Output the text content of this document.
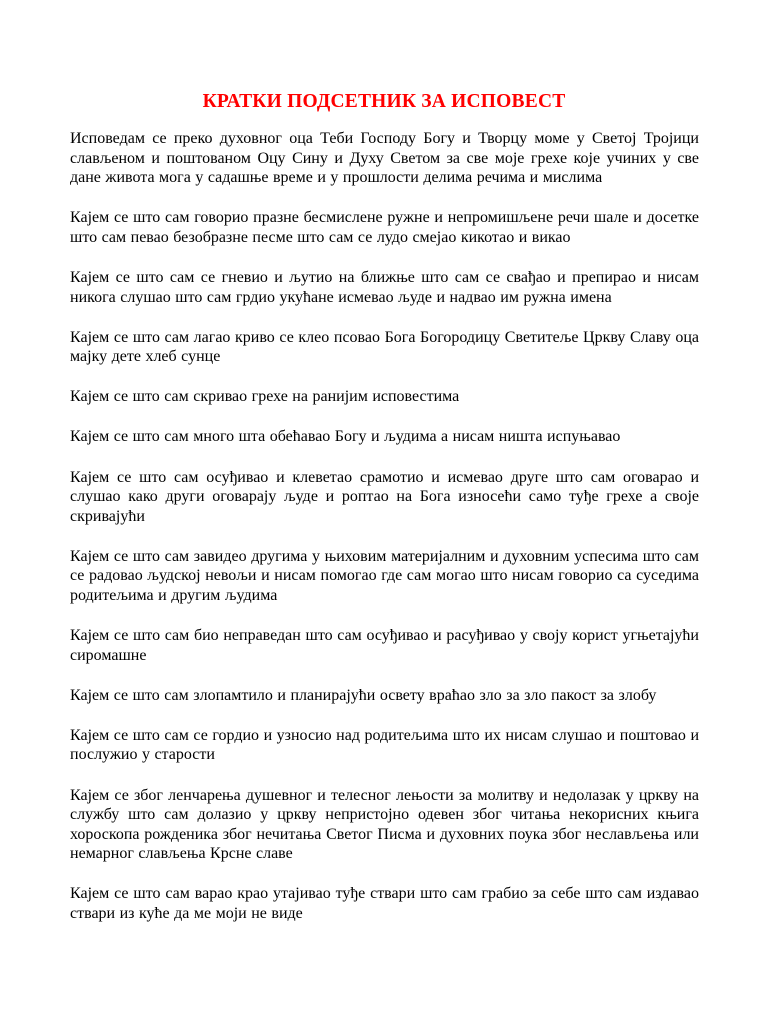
КРАТКИ ПОДСЕТНИК ЗА ИСПОВЕСТ

Исповедам се преко духовног оца Теби Господу Богу и Творцу моме у Светој Тројици слављеном и поштованом Оцу Сину и Духу Светом за све моје грехе које учиних у све дане живота мога у садашње време и у прошлости делима речима и мислима

Кајем се што сам говорио празне бесмислене ружне и непромишљене речи шале и досетке што сам певао безобразне песме што сам се лудо смејао кикотао и викао

Кајем се што сам се гневио и љутио на ближње што сам се свађао и препирао и нисам никога слушао што сам грдио укућане исмевао људе и надвао им ружна имена

Кајем се што сам лагао криво се клео псовао Бога Богородицу Светитеље Цркву Славу оца мајку дете хлеб сунце

Кајем се што сам скривао грехе на ранијим исповестима

Кајем се што сам много шта обећавао Богу и људима а нисам ништа испуњавао

Кајем се што сам осуђивао и клеветао срамотио и исмевао друге што сам оговарао и слушао како други оговарају људе и роптао на Бога износећи само туђе грехе а своје скривајући

Кајем се што сам завидео другима у њиховим материјалним и духовним успесима што сам се радовао људској невољи и нисам помогао где сам могао што нисам говорио са суседима родитељима и другим људима

Кајем се што сам био неправедан што сам осуђивао и расуђивао у своју корист угњетајући сиромашне

Кајем се што сам злопамтило и планирајући освету враћао зло за зло пакост за злобу

Кајем се што сам се гордио и узносио над родитељима што их нисам слушао и поштовао и послужио у старости

Кајем се због ленчарења душевног и телесног лењости за молитву и недолазак у цркву на службу што сам долазио у цркву непристојно одевен због читања некорисних књига хороскопа рожденика због нечитања Светог Писма и духовних поука због неслављења или немарног слављења Крсне славе

Кајем се што сам варао крао утајивао туђе ствари што сам грабио за себе што сам издавао ствари из куће да ме моји не виде
